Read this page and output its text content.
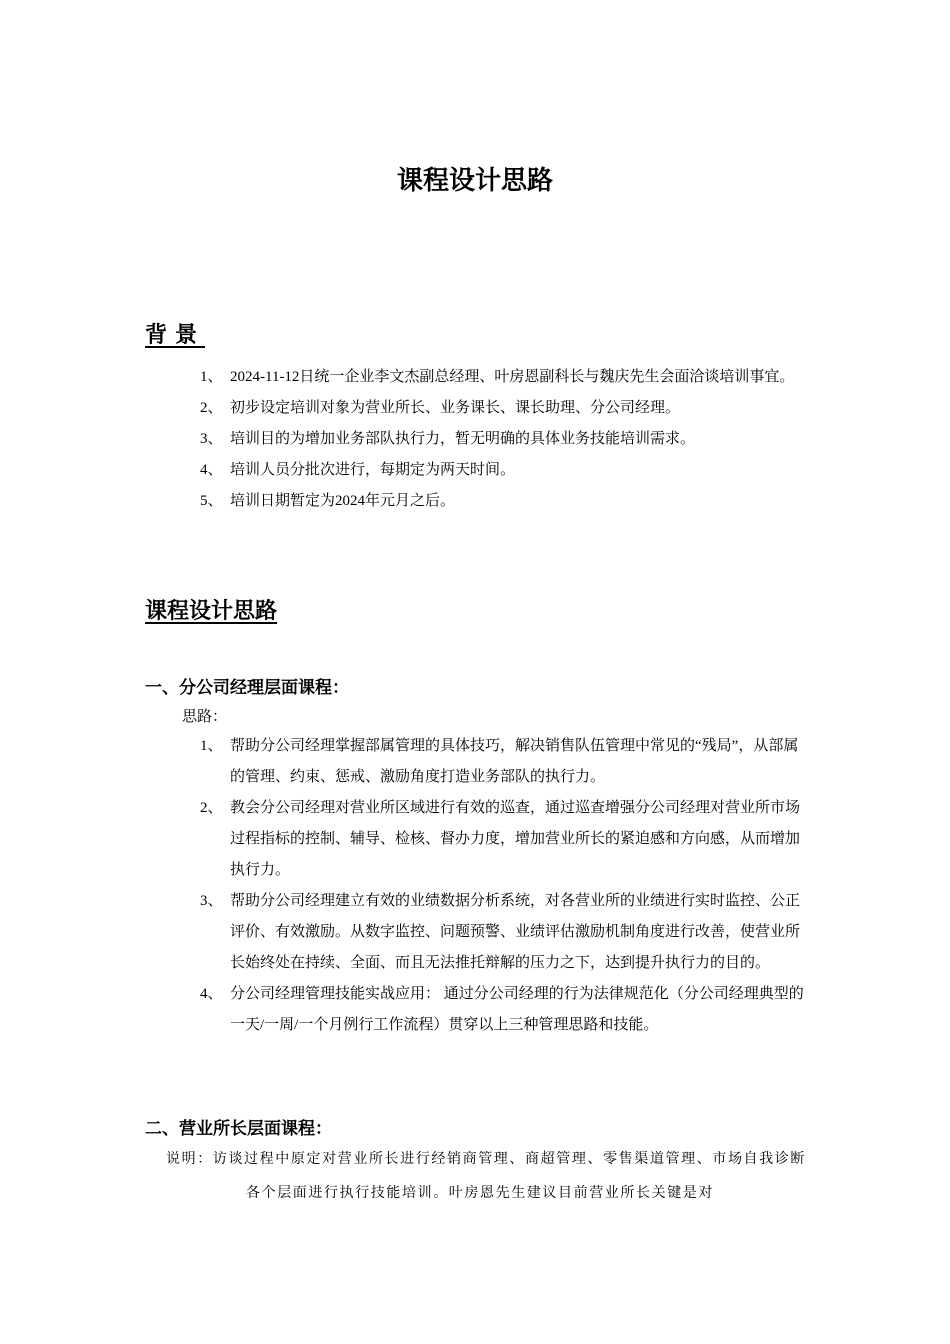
课程设计思路
背景
1、 2024-11-12日统一企业李文杰副总经理、叶房恩副科长与魏庆先生会面洽谈培训事宜。
2、 初步设定培训对象为营业所长、业务课长、课长助理、分公司经理。
3、 培训目的为增加业务部队执行力，暂无明确的具体业务技能培训需求。
4、 培训人员分批次进行，每期定为两天时间。
5、 培训日期暂定为2024年元月之后。
课程设计思路
一、分公司经理层面课程：
思路：
1、 帮助分公司经理掌握部属管理的具体技巧，解决销售队伍管理中常见的“残局”，从部属的管理、约束、惩戒、激励角度打造业务部队的执行力。
2、 教会分公司经理对营业所区域进行有效的巡查，通过巡查增强分公司经理对营业所市场过程指标的控制、辅导、检核、督办力度，增加营业所长的紧迫感和方向感，从而增加执行力。
3、 帮助分公司经理建立有效的业绩数据分析系统，对各营业所的业绩进行实时监控、公正评价、有效激励。从数字监控、问题预警、业绩评估激励机制角度进行改善，使营业所长始终处在持续、全面、而且无法推托辩解的压力之下，达到提升执行力的目的。
4、 分公司经理管理技能实战应用： 通过分公司经理的行为法律规范化（分公司经理典型的一天/一周/一个月例行工作流程）贯穿以上三种管理思路和技能。
二、营业所长层面课程：
说明：访谈过程中原定对营业所长进行经销商管理、商超管理、零售渠道管理、市场自我诊断各个层面进行执行技能培训。叶房恩先生建议目前营业所长关键是对
